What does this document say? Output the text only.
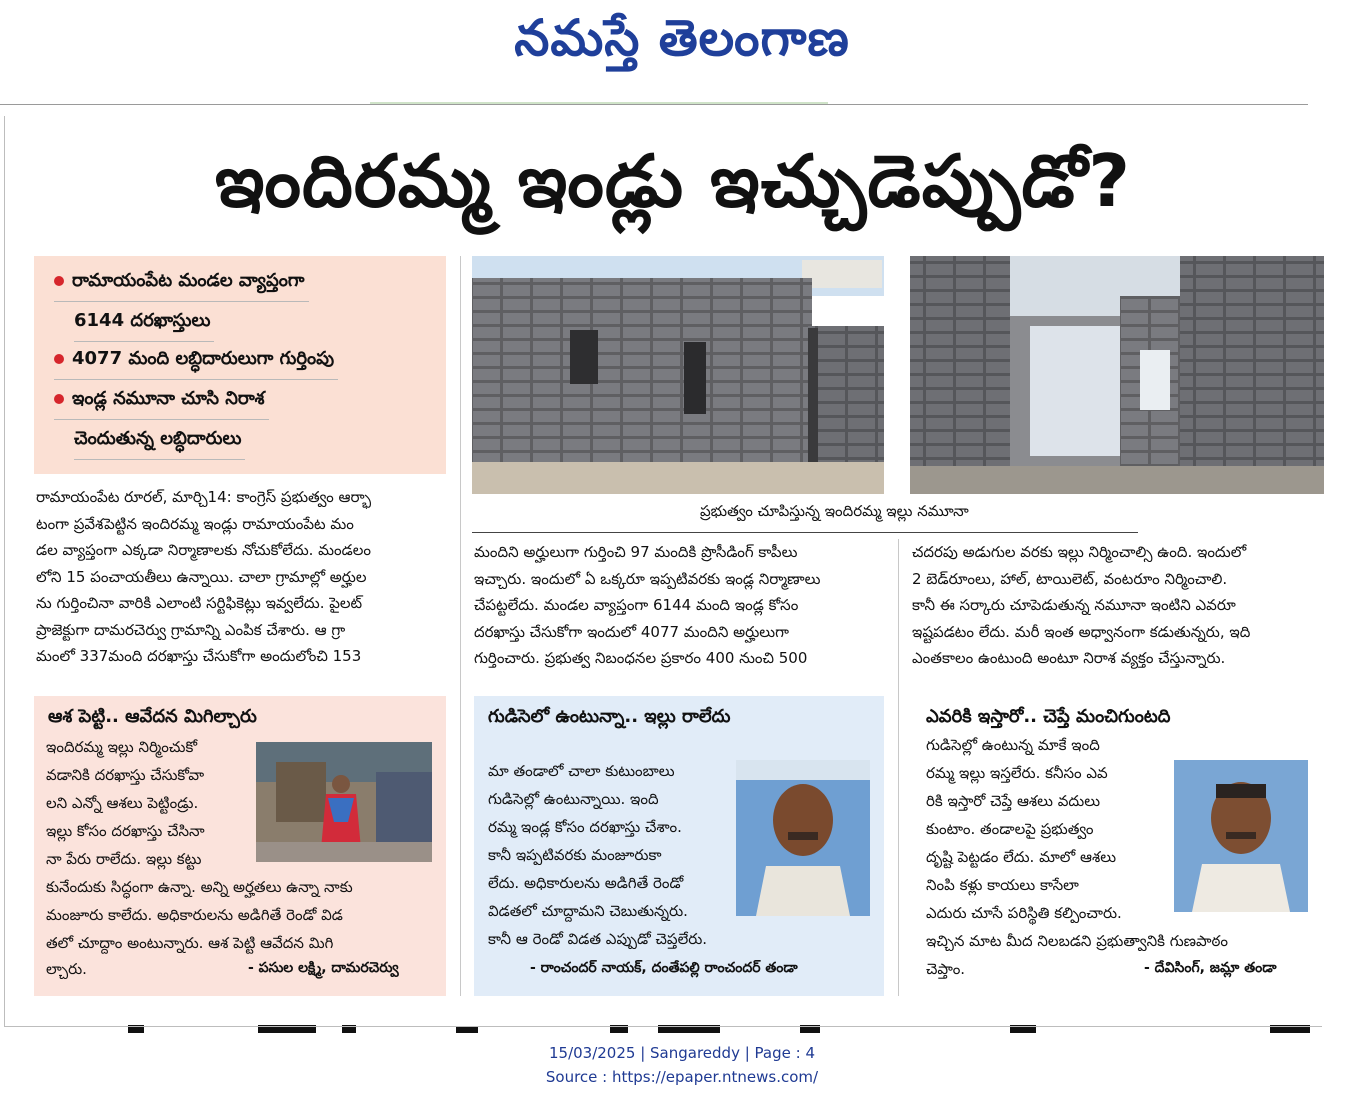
నమస్తే తెలంగాణ
ఇందిరమ్మ ఇండ్లు ఇచ్చుడెప్పుడో?
రామాయంపేట మండల వ్యాప్తంగా
6144 దరఖాస్తులు
4077 మంది లబ్ధిదారులుగా గుర్తింపు
ఇండ్ల నమూనా చూసి నిరాశ
చెందుతున్న లబ్ధిదారులు
ప్రభుత్వం చూపిస్తున్న ఇందిరమ్మ ఇల్లు నమూనా
రామాయంపేట రూరల్, మార్చి14: కాంగ్రెస్ ప్రభుత్వం ఆర్భా
టంగా ప్రవేశపెట్టిన ఇందిరమ్మ ఇండ్లు రామాయంపేట మం
డల వ్యాప్తంగా ఎక్కడా నిర్మాణాలకు నోచుకోలేదు. మండలం
లోని 15 పంచాయతీలు ఉన్నాయి. చాలా గ్రామాల్లో అర్హుల
ను గుర్తించినా వారికి ఎలాంటి సర్టిఫికెట్లు ఇవ్వలేదు. పైలట్
ప్రాజెక్టుగా దామరచెర్వు గ్రామాన్ని ఎంపిక చేశారు. ఆ గ్రా
మంలో 337మంది దరఖాస్తు చేసుకోగా అందులోంచి 153
మందిని అర్హులుగా గుర్తించి 97 మందికి ప్రొసీడింగ్ కాపీలు
ఇచ్చారు. ఇందులో ఏ ఒక్కరూ ఇప్పటివరకు ఇండ్ల నిర్మాణాలు
చేపట్టలేదు. మండల వ్యాప్తంగా 6144 మంది ఇండ్ల కోసం
దరఖాస్తు చేసుకోగా ఇందులో 4077 మందిని అర్హులుగా
గుర్తించారు. ప్రభుత్వ నిబంధనల ప్రకారం 400 నుంచి 500
చదరపు అడుగుల వరకు ఇల్లు నిర్మించాల్సి ఉంది. ఇందులో
2 బెడ్‌రూంలు, హాల్, టాయిలెట్, వంటరూం నిర్మించాలి.
కానీ ఈ సర్కారు చూపెడుతున్న నమూనా ఇంటిని ఎవరూ
ఇష్టపడటం లేదు. మరీ ఇంత అధ్వానంగా కడుతున్నరు, ఇది
ఎంతకాలం ఉంటుంది అంటూ నిరాశ వ్యక్తం చేస్తున్నారు.
ఆశ పెట్టి.. ఆవేదన మిగిల్చారు
ఇందిరమ్మ ఇల్లు నిర్మించుకో
వడానికి దరఖాస్తు చేసుకోవా
లని ఎన్నో ఆశలు పెట్టిండ్రు.
ఇల్లు కోసం దరఖాస్తు చేసినా
నా పేరు రాలేదు. ఇల్లు కట్టు
కునేందుకు సిద్ధంగా ఉన్నా. అన్ని అర్హతలు ఉన్నా నాకు
మంజూరు కాలేదు. అధికారులను అడిగితే రెండో విడ
తలో చూద్దాం అంటున్నారు. ఆశ పెట్టి ఆవేదన మిగి
ల్చారు.	- పసుల లక్ష్మి, దామరచెర్వు
గుడిసెలో ఉంటున్నా.. ఇల్లు రాలేదు
మా తండాలో చాలా కుటుంబాలు
గుడిసెల్లో ఉంటున్నాయి. ఇంది
రమ్మ ఇండ్ల కోసం దరఖాస్తు చేశాం.
కానీ ఇప్పటివరకు మంజూరుకా
లేదు. అధికారులను అడిగితే రెండో
విడతలో చూద్దామని చెబుతున్నరు.
కానీ ఆ రెండో విడత ఎప్పుడో చెప్తలేరు.
- రాంచందర్ నాయక్, దంతేపల్లి రాంచందర్ తండా
ఎవరికి ఇస్తారో.. చెప్తే మంచిగుంటది
గుడిసెల్లో ఉంటున్న మాకే ఇంది
రమ్మ ఇల్లు ఇస్తలేరు. కనీసం ఎవ
రికి ఇస్తారో చెప్తే ఆశలు వదులు
కుంటాం. తండాలపై ప్రభుత్వం
దృష్టి పెట్టడం లేదు. మాలో ఆశలు
నింపి కళ్లు కాయలు కాసేలా
ఎదురు చూసే పరిస్థితి కల్పించారు.
ఇచ్చిన మాట మీద నిలబడని ప్రభుత్వానికి గుణపాఠం
చెప్తాం.	- దేవిసింగ్, జమ్లా తండా
15/03/2025 | Sangareddy | Page : 4
Source : https://epaper.ntnews.com/
